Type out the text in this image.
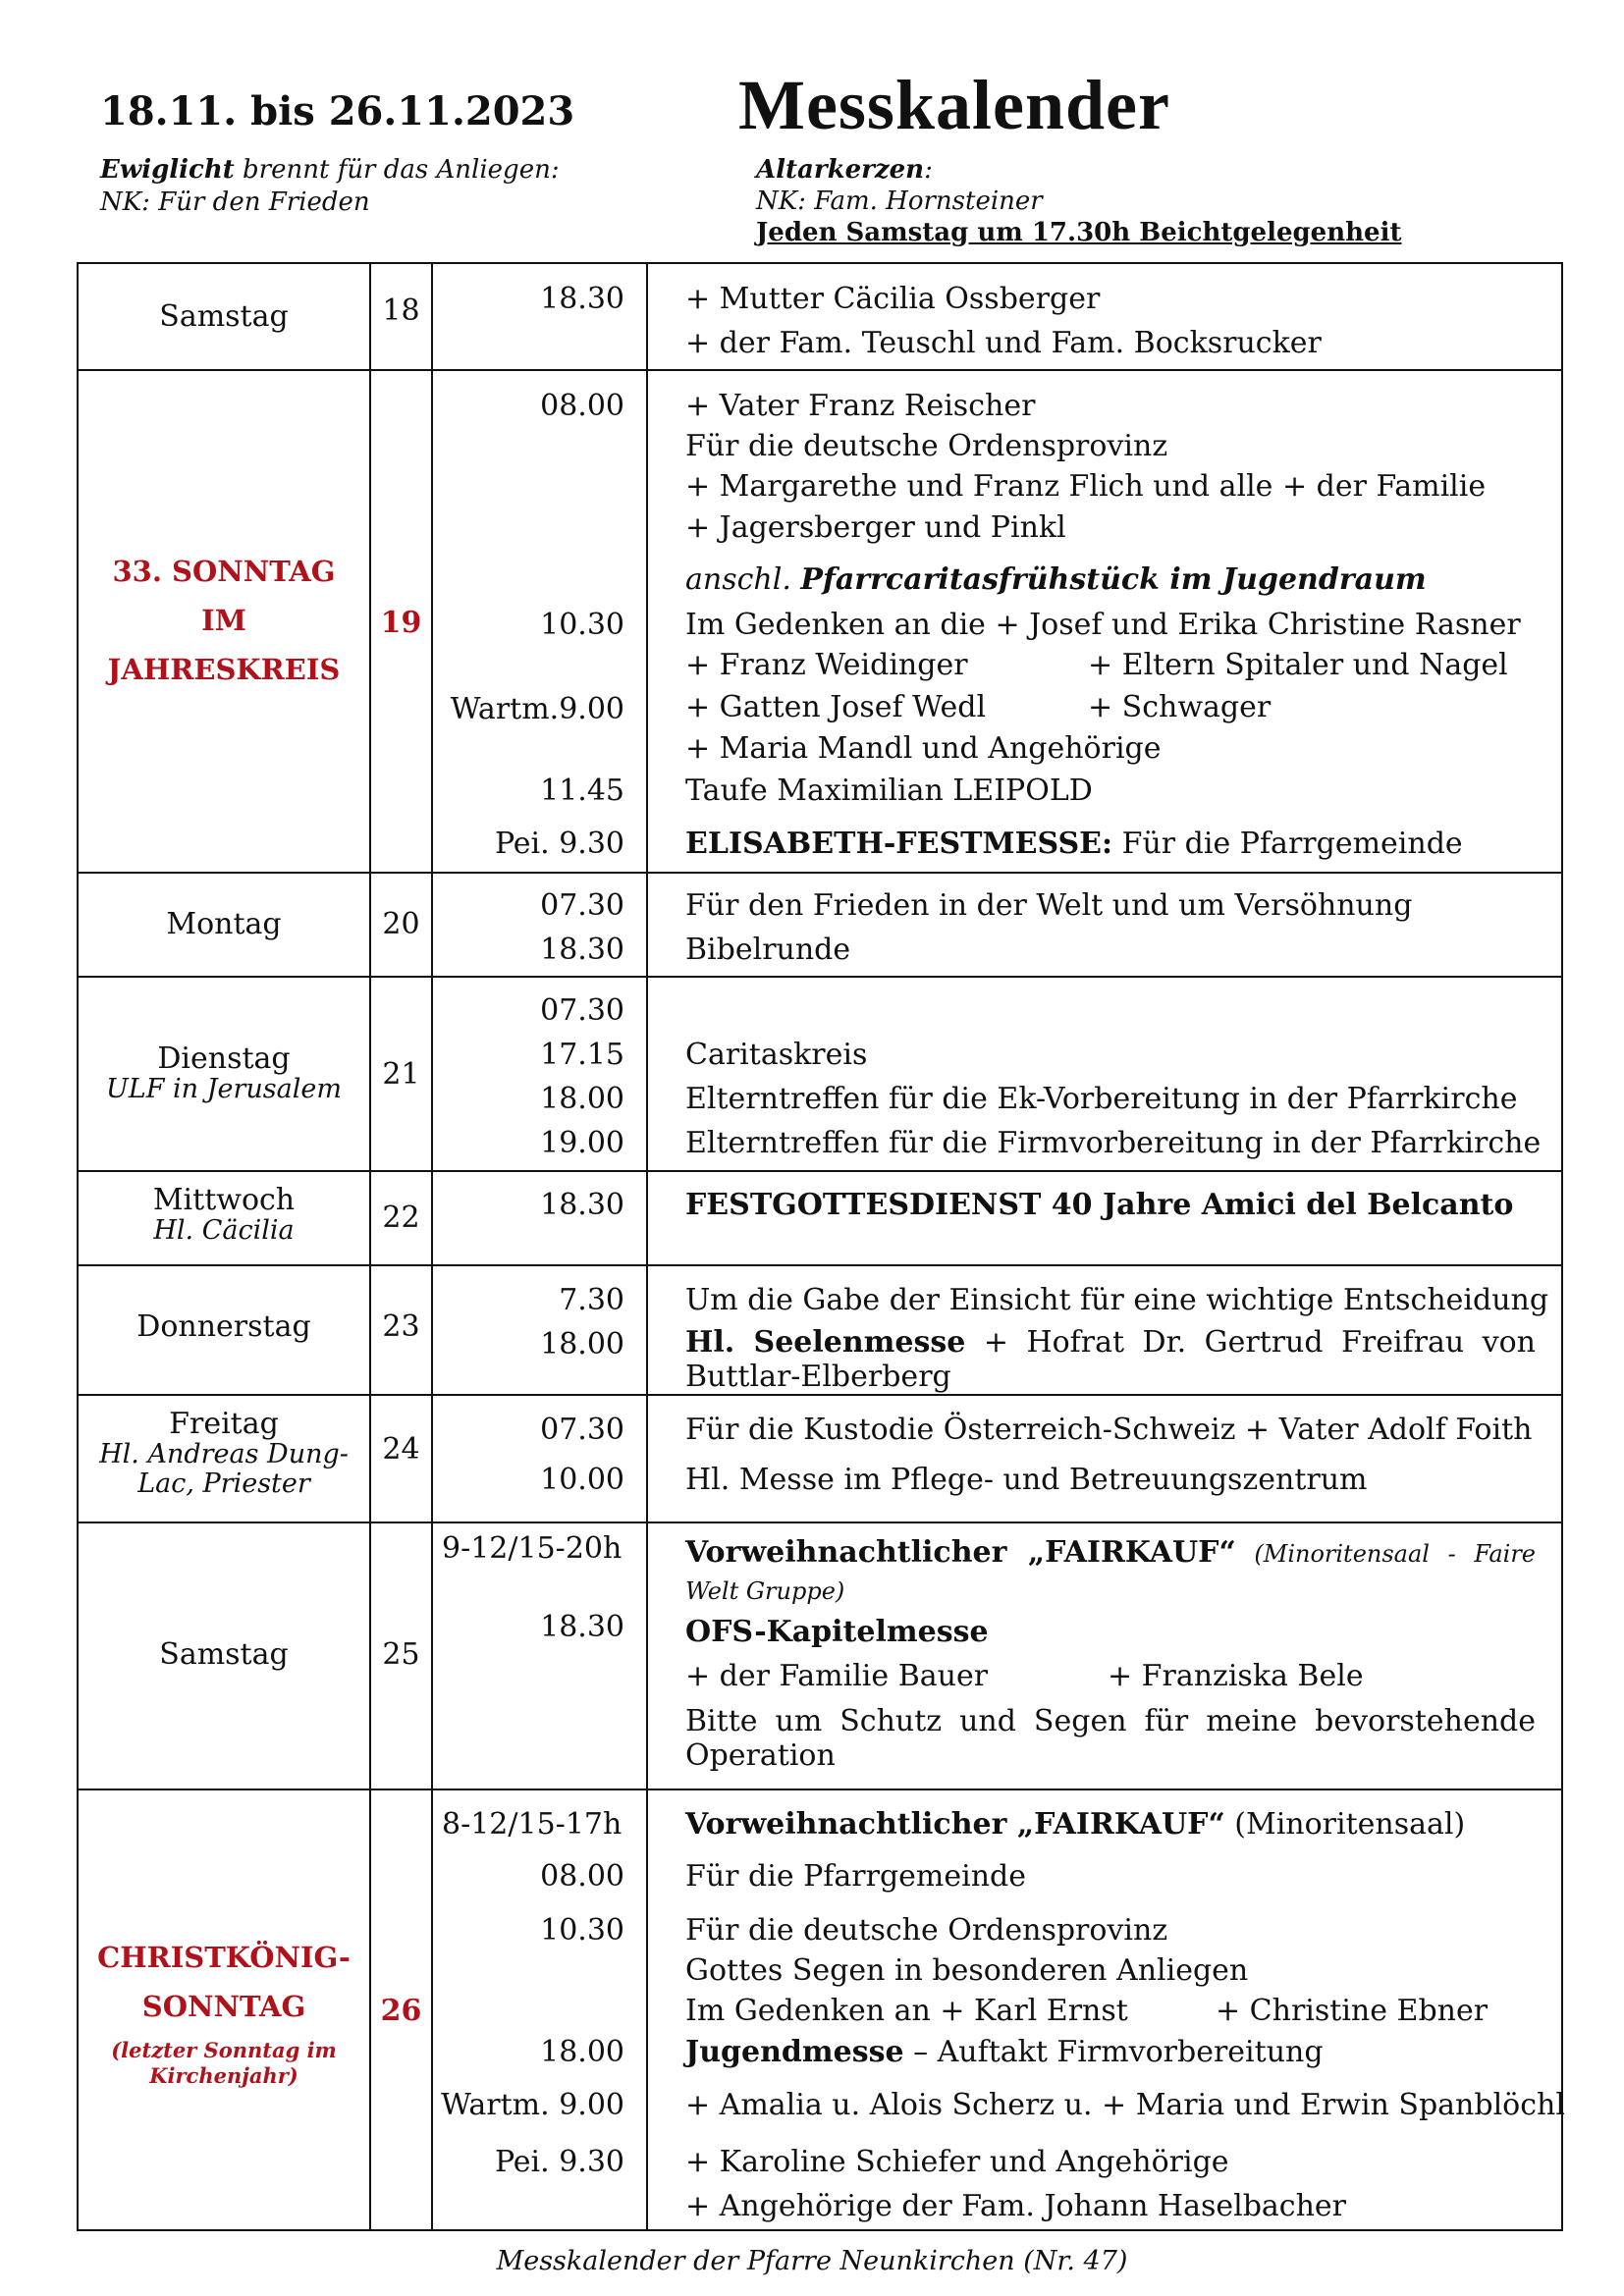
18.11. bis 26.11.2023 Messkalender
Ewiglicht brennt für das Anliegen:
NK: Für den Frieden
Altarkerzen:
NK: Fam. Hornsteiner
Jeden Samstag um 17.30h Beichtgelegenheit
Samstag	18	18.30 + Mutter Cäcilia Ossberger
+ der Fam. Teuschl und Fam. Bocksrucker
33. SONNTAG
IM
JAHRESKREIS
19
08.00 + Vater Franz Reischer
Für die deutsche Ordensprovinz
+ Margarethe und Franz Flich und alle + der Familie
+ Jagersberger und Pinkl
anschl. Pfarrcaritasfrühstück im Jugendraum
10.30 Im Gedenken an die + Josef und Erika Christine Rasner
+ Franz Weidinger	+ Eltern Spitaler und Nagel
Wartm.9.00 + Gatten Josef Wedl	+ Schwager
+ Maria Mandl und Angehörige
11.45 Taufe Maximilian LEIPOLD
Pei. 9.30 ELISABETH-FESTMESSE: Für die Pfarrgemeinde
Montag	20
07.30 Für den Frieden in der Welt und um Versöhnung
18.30 Bibelrunde
Dienstag
ULF in Jerusalem	21
07.30
17.15 Caritaskreis
18.00 Elterntreffen für die Ek-Vorbereitung in der Pfarrkirche
19.00 Elterntreffen für die Firmvorbereitung in der Pfarrkirche
Mittwoch
Hl. Cäcilia	22	18.30 FESTGOTTESDIENST 40 Jahre Amici del Belcanto
Donnerstag	23
7.30 Um die Gabe der Einsicht für eine wichtige Entscheidung
18.00 Hl. Seelenmesse + Hofrat Dr. Gertrud Freifrau von Buttlar-Elberberg
Freitag
Hl. Andreas Dung-
Lac, Priester
24
07.30 Für die Kustodie Österreich-Schweiz + Vater Adolf Foith
10.00 Hl. Messe im Pflege- und Betreuungszentrum
Samstag	25
9-12/15-20h Vorweihnachtlicher „FAIRKAUF“ (Minoritensaal - Faire Welt Gruppe)
18.30 OFS-Kapitelmesse
+ der Familie Bauer	+ Franziska Bele
Bitte um Schutz und Segen für meine bevorstehende Operation
CHRISTKÖNIG-
SONNTAG
(letzter Sonntag im
Kirchenjahr)
26
8-12/15-17h Vorweihnachtlicher „FAIRKAUF“ (Minoritensaal)
08.00 Für die Pfarrgemeinde
10.30 Für die deutsche Ordensprovinz
Gottes Segen in besonderen Anliegen
Im Gedenken an + Karl Ernst	+ Christine Ebner
18.00 Jugendmesse – Auftakt Firmvorbereitung
Wartm. 9.00 + Amalia u. Alois Scherz u. + Maria und Erwin Spanblöchl
Pei. 9.30 + Karoline Schiefer und Angehörige
+ Angehörige der Fam. Johann Haselbacher
Messkalender der Pfarre Neunkirchen (Nr. 47)
